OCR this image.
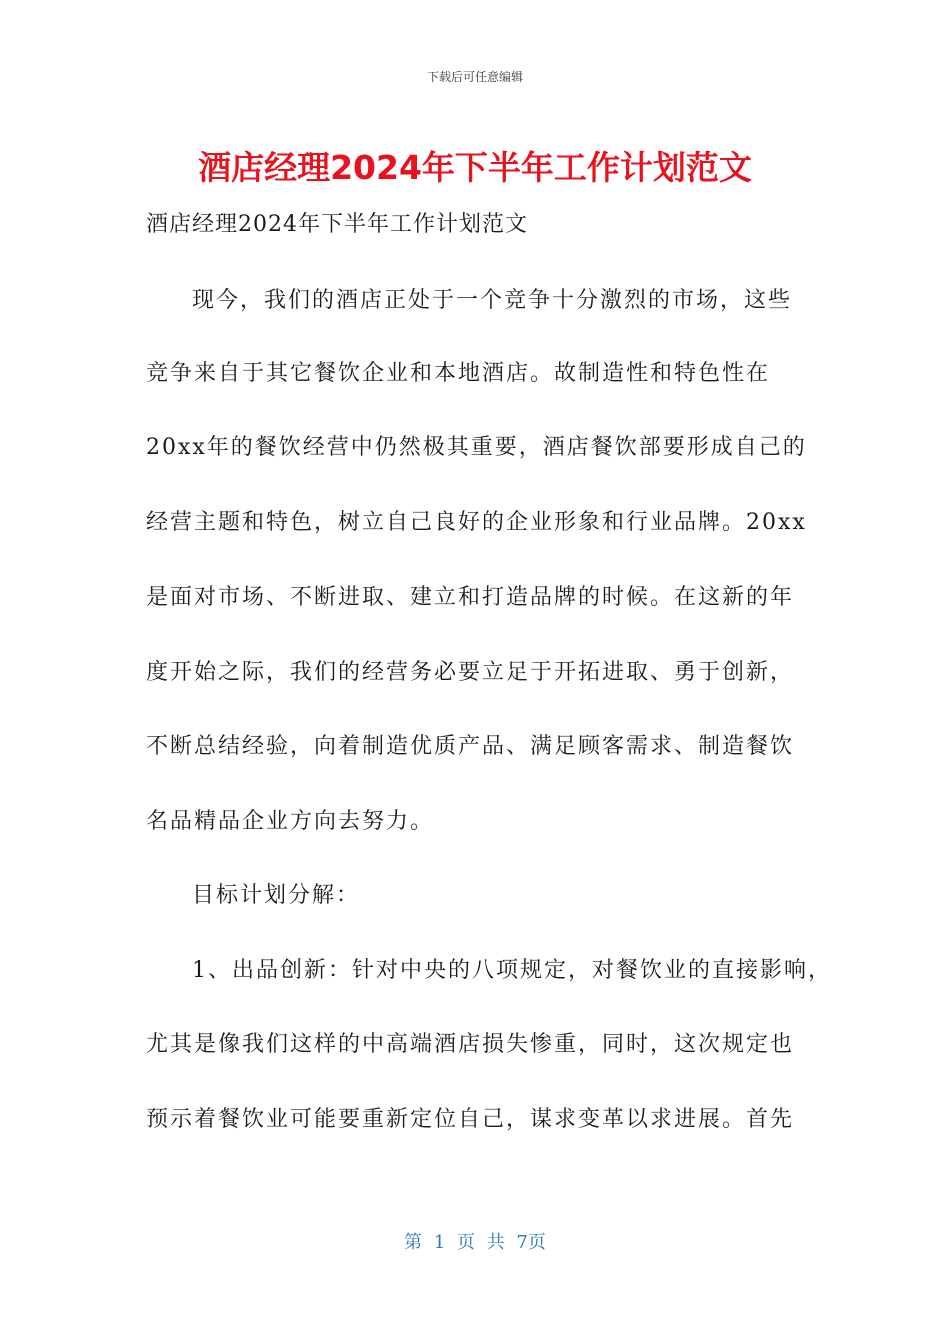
下载后可任意编辑
酒店经理2024年下半年工作计划范文
酒店经理2024年下半年工作计划范文
现今，我们的酒店正处于一个竞争十分激烈的市场，这些
竞争来自于其它餐饮企业和本地酒店。故制造性和特色性在
20xx年的餐饮经营中仍然极其重要，酒店餐饮部要形成自己的
经营主题和特色，树立自己良好的企业形象和行业品牌。20xx
是面对市场、不断进取、建立和打造品牌的时候。在这新的年
度开始之际，我们的经营务必要立足于开拓进取、勇于创新，
不断总结经验，向着制造优质产品、满足顾客需求、制造餐饮
名品精品企业方向去努力。
目标计划分解：
1、出品创新：针对中央的八项规定，对餐饮业的直接影响，
尤其是像我们这样的中高端酒店损失惨重，同时，这次规定也
预示着餐饮业可能要重新定位自己，谋求变革以求进展。首先
第 1 页 共 7页
